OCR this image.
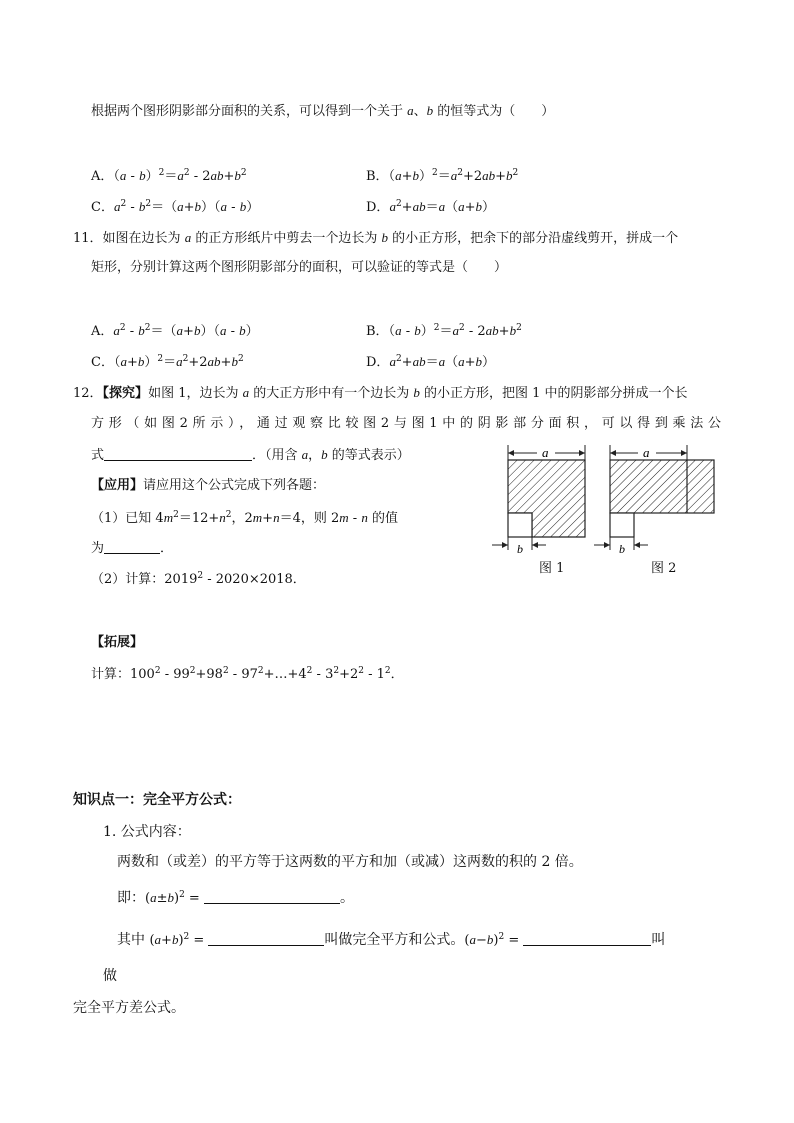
根据两个图形阴影部分面积的关系，可以得到一个关于 a、b 的恒等式为（　　）
A．$(a - b)^2=a^2 - 2ab+b^2$	B．$(a+b)^2=a^2+2ab+b^2$
C．$a^2 - b^2=(a+b)(a - b)$	D．$a^2+ab=a(a+b)$
11．如图在边长为 a 的正方形纸片中剪去一个边长为 b 的小正方形，把余下的部分沿虚线剪开，拼成一个
矩形，分别计算这两个图形阴影部分的面积，可以验证的等式是（　　）
A．$a^2 - b^2=(a+b)(a - b)$	B．$(a - b)^2=a^2 - 2ab+b^2$
C．$(a+b)^2=a^2+2ab+b^2$	D．$a^2+ab=a(a+b)$
12．【探究】如图 1，边长为 a 的大正方形中有一个边长为 b 的小正方形，把图 1 中的阴影部分拼成一个长
方形（如图2所示），通过观察比较图2与图1中的阴影部分面积，可以得到乘法公
式	．（用含 a，b 的等式表示）
【应用】请应用这个公式完成下列各题：
（1）已知 $4m^2=12+n^2$，2m+n＝4，则 2m - n 的值
为	．
（2）计算：2019$^2$ - 2020×2018．
【拓展】
计算：$100^2 - 99^2+98^2$ - $97^2+\dots+4^2 - 3^2+2^2 - 1^2$．
a
b
a
b
图 1	图 2
知识点一：完全平方公式：
1. 公式内容：
两数和（或差）的平方等于这两数的平方和加（或减）这两数的积的 2 倍。
即：$(a\pm b)^2$ =	。
其中 $(a+b)^2$ =	叫做完全平方和公式。$(a-b)^2$ =	叫
做
完全平方差公式。
